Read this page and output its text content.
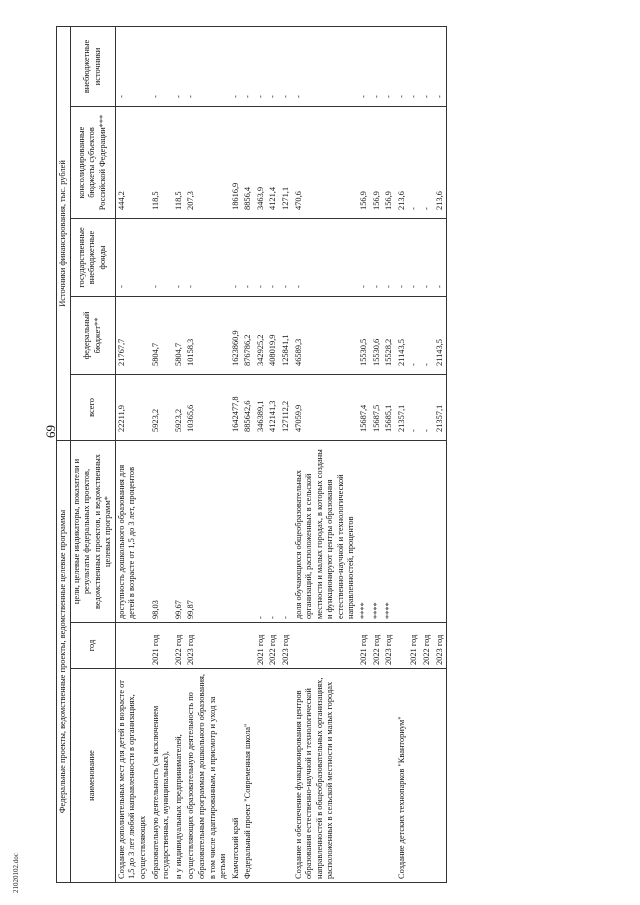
69
21020102.doc
Федеральные проекты, ведомственные проекты, ведомственные целевые программы			Источники финансирования, тыс. рублей				
наименование	год	цели, целевые индикаторы, показатели и результаты федеральных проектов, ведомственных проектов, и ведомственных целевых программ*	всего	федеральный бюджет**	государственные внебюджетные фонды	консолидированные бюджеты субъектов Российской Федерации***	внебюджетные источники
Создание дополнительных мест для детей в возрасте от 1,5 до 3 лет любой направленности в организациях, осуществляющих		доступность дошкольного образования для детей в возрасте от 1,5 до 3 лет, процентов	22211,9	21767,7	-	444,2	-
образовательную деятельность (за исключением государственных, муниципальных),	2021 год	98,03	5923,2	5804,7	-	118,5	-
и у индивидуальных предпринимателей,	2022 год	99,67	5923,2	5804,7	-	118,5	-
осуществляющих образовательную деятельность по образовательным программам дошкольного образования, в том числе адаптированным, и присмотр и уход за детьми	2023 год	99,87	10365,6	10158,3	-	207,3	-
Камчатский край			1642477,8	1623860,9	-	18616,9	-
Федеральный проект "Современная школа"			885642,6	876786,2	-	8856,4	-
	2021 год	-	346389,1	342925,2	-	3463,9	-
	2022 год	-	412141,3	408019,9	-	4121,4	-
	2023 год	-	127112,2	125841,1	-	1271,1	-
Создание и обеспечение функционирования центров образования естественно-научной и технологической направленностей в общеобразовательных организациях, расположенных в сельской местности и малых городах		доля обучающихся общеобразовательных организаций, расположенных в сельской местности и малых городах, в которых созданы и функционируют центры образования естественно-научной и технологической направленностей, процентов	47059,9	46589,3	-	470,6	-
	2021 год	****	15687,4	15530,5	-	156,9	-
	2022 год	****	15687,5	15530,6	-	156,9	-
	2023 год	****	15685,1	15528,2	-	156,9	-
Создание детских технопарков "Кванториум"			21357,1	21143,5	-	213,6	-
	2021 год		-	-	-	-	-
	2022 год		-	-	-	-	-
	2023 год		21357,1	21143,5	-	213,6	-
